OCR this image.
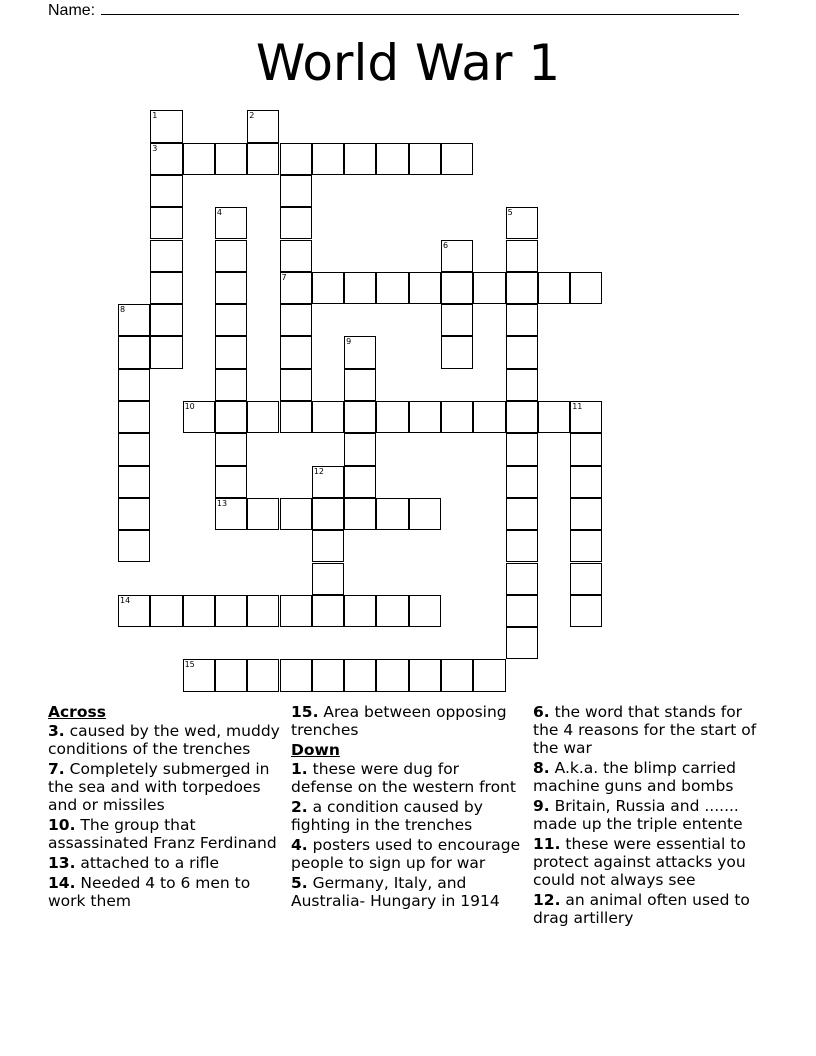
Name:
World War 1
1	2
3
4	5
6
7
8
9
10	11
12
13
14
15
Across
3. caused by the wed, muddy conditions of the trenches
7. Completely submerged in the sea and with torpedoes and or missiles
10. The group that assassinated Franz Ferdinand
13. attached to a rifle
14. Needed 4 to 6 men to work them
15. Area between opposing trenches
Down
1. these were dug for defense on the western front
2. a condition caused by fighting in the trenches
4. posters used to encourage people to sign up for war
5. Germany, Italy, and Australia- Hungary in 1914
6. the word that stands for the 4 reasons for the start of the war
8. A.k.a. the blimp carried machine guns and bombs
9. Britain, Russia and ....... made up the triple entente
11. these were essential to protect against attacks you could not always see
12. an animal often used to drag artillery
